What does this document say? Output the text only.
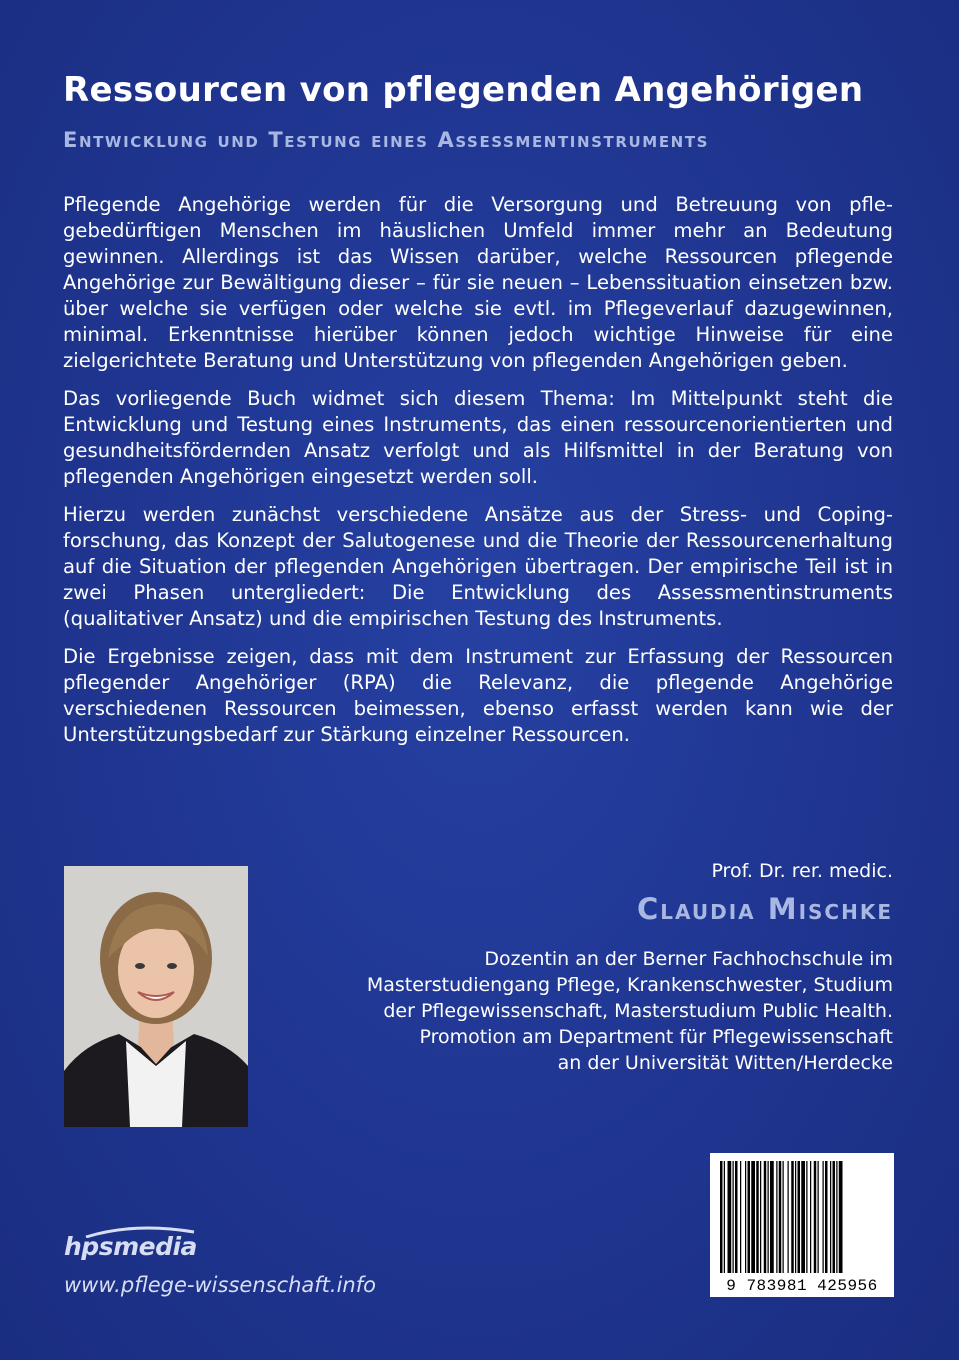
Ressourcen von pflegenden Angehörigen
Entwicklung und Testung eines Assessmentinstruments

Pflegende Angehörige werden für die Versorgung und Betreuung von pflegebedürftigen Menschen im häuslichen Umfeld immer mehr an Bedeutung gewinnen. Allerdings ist das Wissen darüber, welche Ressourcen pflegende Angehörige zur Bewältigung dieser – für sie neuen – Lebenssituation einsetzen bzw. über welche sie verfügen oder welche sie evtl. im Pflegeverlauf dazugewinnen, minimal. Erkenntnisse hierüber können jedoch wichtige Hinweise für eine zielgerichtete Beratung und Unterstützung von pflegenden Angehörigen geben.

Das vorliegende Buch widmet sich diesem Thema: Im Mittelpunkt steht die Entwicklung und Testung eines Instruments, das einen ressourcenorientierten und gesundheitsfördernden Ansatz verfolgt und als Hilfsmittel in der Beratung von pflegenden Angehörigen eingesetzt werden soll.

Hierzu werden zunächst verschiedene Ansätze aus der Stress- und Copingforschung, das Konzept der Salutogenese und die Theorie der Ressourcenerhaltung auf die Situation der pflegenden Angehörigen übertragen. Der empirische Teil ist in zwei Phasen untergliedert: Die Entwicklung des Assessmentinstruments (qualitativer Ansatz) und die empirischen Testung des Instruments.

Die Ergebnisse zeigen, dass mit dem Instrument zur Erfassung der Ressourcen pflegender Angehöriger (RPA) die Relevanz, die pflegende Angehörige verschiedenen Ressourcen beimessen, ebenso erfasst werden kann wie der Unterstützungsbedarf zur Stärkung einzelner Ressourcen.

Prof. Dr. rer. medic.
Claudia Mischke
Dozentin an der Berner Fachhochschule im
Masterstudiengang Pflege, Krankenschwester, Studium
der Pflegewissenschaft, Masterstudium Public Health.
Promotion am Department für Pflegewissenschaft
an der Universität Witten/Herdecke
hpsmedia
www.pflege-wissenschaft.info	9 783981 425956
